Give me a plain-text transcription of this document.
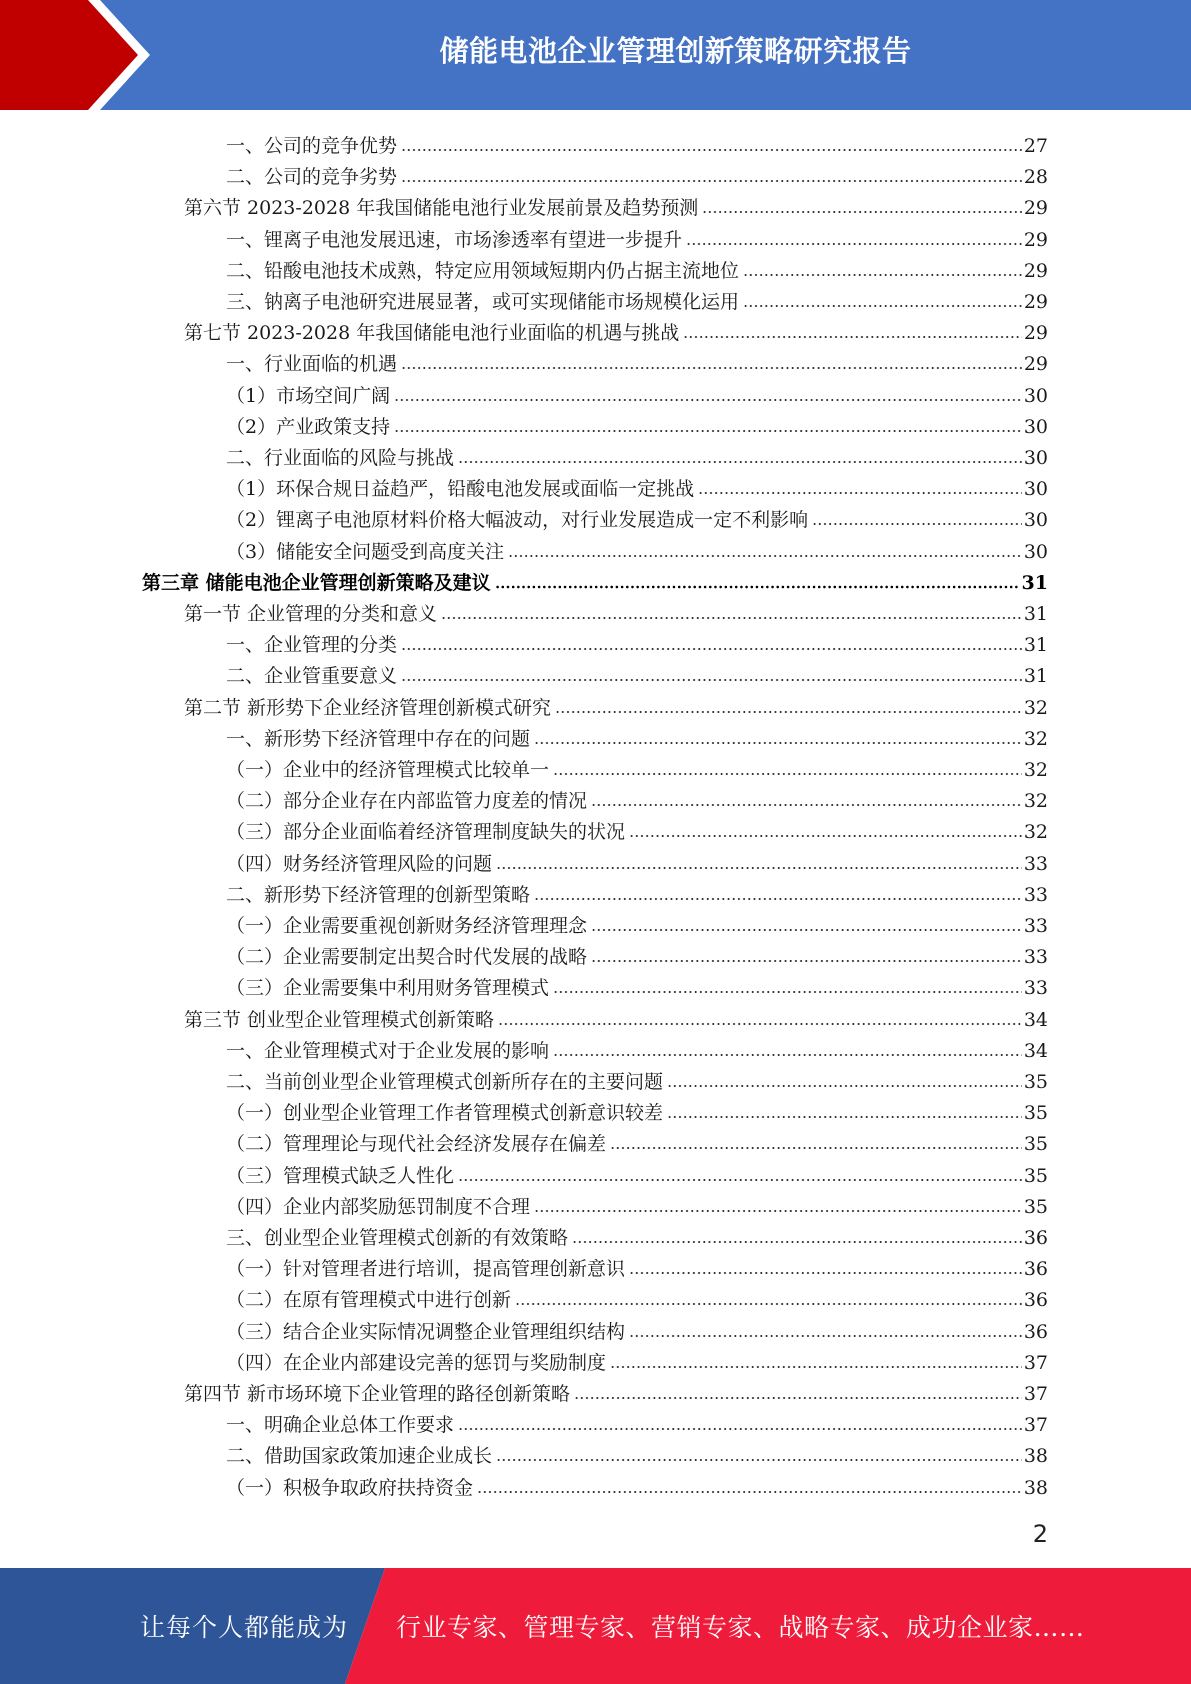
储能电池企业管理创新策略研究报告
一、公司的竞争优势	27
二、公司的竞争劣势	28
第六节 2023-2028 年我国储能电池行业发展前景及趋势预测	29
一、锂离子电池发展迅速，市场渗透率有望进一步提升	29
二、铅酸电池技术成熟，特定应用领域短期内仍占据主流地位	29
三、钠离子电池研究进展显著，或可实现储能市场规模化运用	29
第七节 2023-2028 年我国储能电池行业面临的机遇与挑战	29
一、行业面临的机遇	29
（1）市场空间广阔	30
（2）产业政策支持	30
二、行业面临的风险与挑战	30
（1）环保合规日益趋严，铅酸电池发展或面临一定挑战	30
（2）锂离子电池原材料价格大幅波动，对行业发展造成一定不利影响	30
（3）储能安全问题受到高度关注	30
第三章 储能电池企业管理创新策略及建议	31
第一节 企业管理的分类和意义	31
一、企业管理的分类	31
二、企业管重要意义	31
第二节 新形势下企业经济管理创新模式研究	32
一、新形势下经济管理中存在的问题	32
（一）企业中的经济管理模式比较单一	32
（二）部分企业存在内部监管力度差的情况	32
（三）部分企业面临着经济管理制度缺失的状况	32
（四）财务经济管理风险的问题	33
二、新形势下经济管理的创新型策略	33
（一）企业需要重视创新财务经济管理理念	33
（二）企业需要制定出契合时代发展的战略	33
（三）企业需要集中利用财务管理模式	33
第三节 创业型企业管理模式创新策略	34
一、企业管理模式对于企业发展的影响	34
二、当前创业型企业管理模式创新所存在的主要问题	35
（一）创业型企业管理工作者管理模式创新意识较差	35
（二）管理理论与现代社会经济发展存在偏差	35
（三）管理模式缺乏人性化	35
（四）企业内部奖励惩罚制度不合理	35
三、创业型企业管理模式创新的有效策略	36
（一）针对管理者进行培训，提高管理创新意识	36
（二）在原有管理模式中进行创新	36
（三）结合企业实际情况调整企业管理组织结构	36
（四）在企业内部建设完善的惩罚与奖励制度	37
第四节 新市场环境下企业管理的路径创新策略	37
一、明确企业总体工作要求	37
二、借助国家政策加速企业成长	38
（一）积极争取政府扶持资金	38
2
让每个人都能成为 行业专家、管理专家、营销专家、战略专家、成功企业家……
